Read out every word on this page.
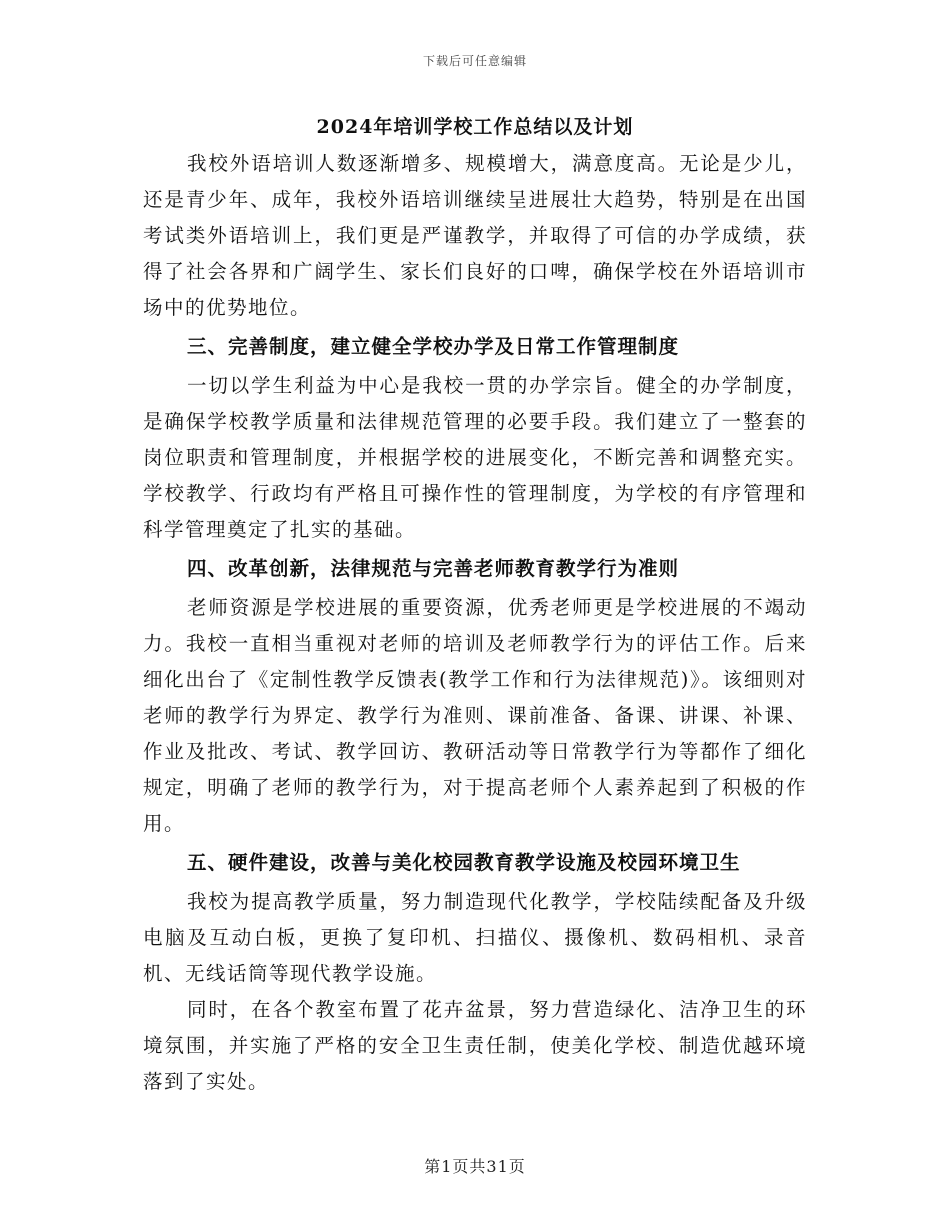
下载后可任意编辑
2024年培训学校工作总结以及计划

我校外语培训人数逐渐增多、规模增大，满意度高。无论是少儿，还是青少年、成年，我校外语培训继续呈进展壮大趋势，特别是在出国考试类外语培训上，我们更是严谨教学，并取得了可信的办学成绩，获得了社会各界和广阔学生、家长们良好的口啤，确保学校在外语培训市场中的优势地位。

三、完善制度，建立健全学校办学及日常工作管理制度

一切以学生利益为中心是我校一贯的办学宗旨。健全的办学制度，是确保学校教学质量和法律规范管理的必要手段。我们建立了一整套的岗位职责和管理制度，并根据学校的进展变化，不断完善和调整充实。学校教学、行政均有严格且可操作性的管理制度，为学校的有序管理和科学管理奠定了扎实的基础。

四、改革创新，法律规范与完善老师教育教学行为准则

老师资源是学校进展的重要资源，优秀老师更是学校进展的不竭动力。我校一直相当重视对老师的培训及老师教学行为的评估工作。后来细化出台了《定制性教学反馈表(教学工作和行为法律规范)》。该细则对老师的教学行为界定、教学行为准则、课前准备、备课、讲课、补课、作业及批改、考试、教学回访、教研活动等日常教学行为等都作了细化规定，明确了老师的教学行为，对于提高老师个人素养起到了积极的作用。

五、硬件建设，改善与美化校园教育教学设施及校园环境卫生

我校为提高教学质量，努力制造现代化教学，学校陆续配备及升级电脑及互动白板，更换了复印机、扫描仪、摄像机、数码相机、录音机、无线话筒等现代教学设施。

同时，在各个教室布置了花卉盆景，努力营造绿化、洁净卫生的环境氛围，并实施了严格的安全卫生责任制，使美化学校、制造优越环境落到了实处。

第1页共31页
